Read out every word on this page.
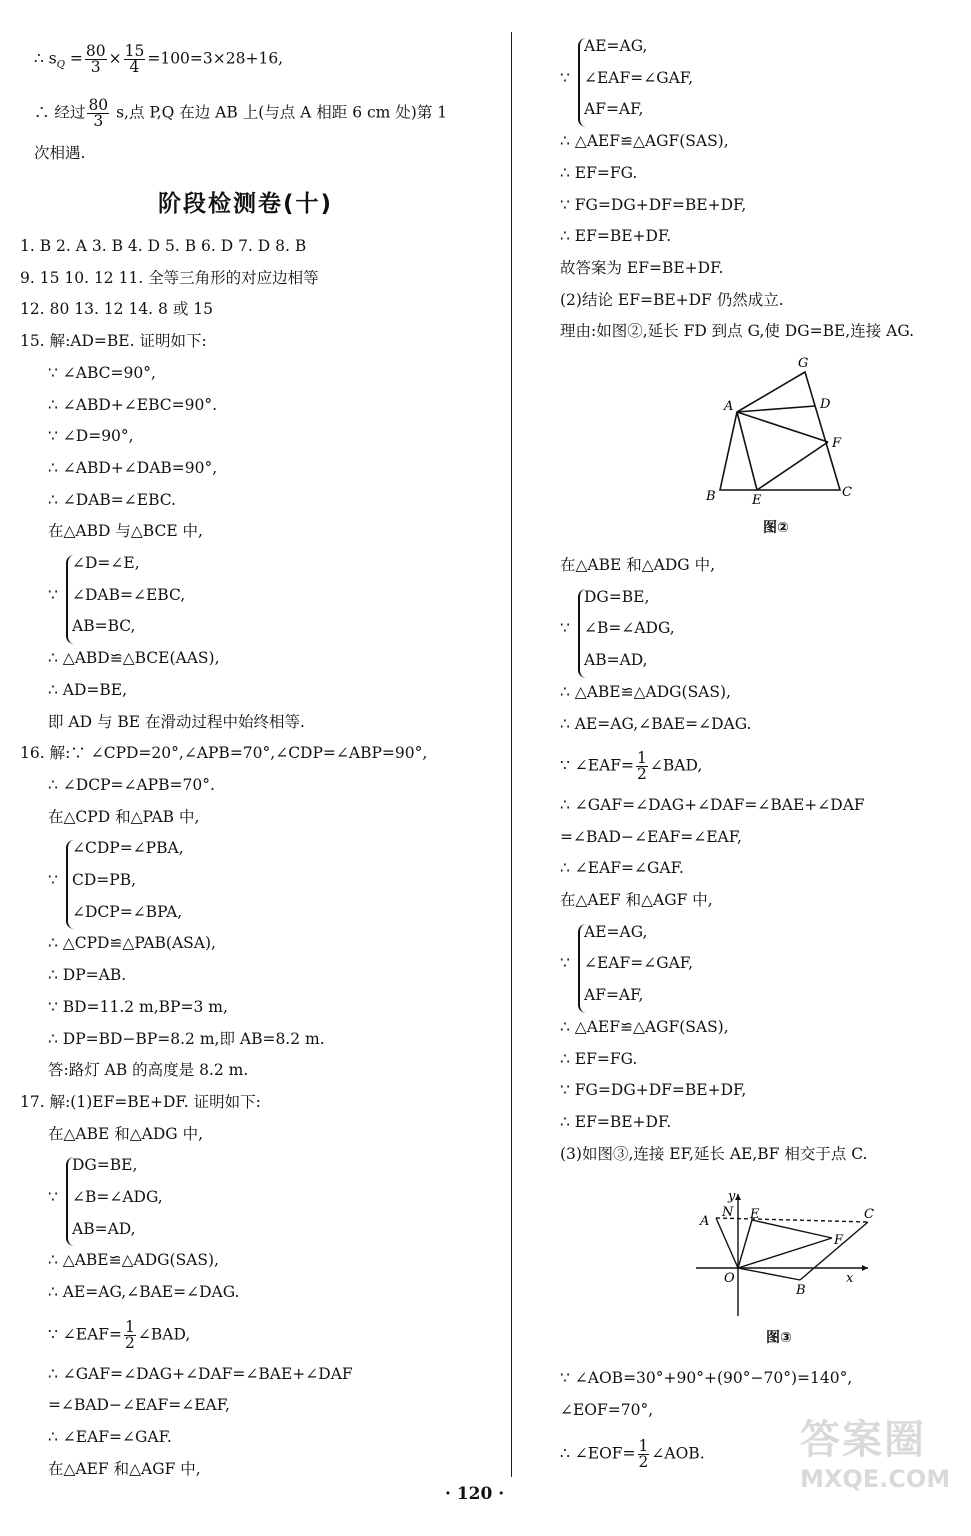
∴ $s_Q = \frac{80}{3} \times \frac{15}{4} =100=3\times 28+16$,
∴ 经过 $\frac{80}{3} s$,点 P,Q 在边 AB 上(与点 A 相距 6 cm 处)第 1
次相遇.
阶段检测卷(十)
1. B 2. A 3. B 4. D 5. B 6. D 7. D 8. B
9. 15 10. 12 11. 全等三角形的对应边相等
12. 80 13. 12 14. 8 或 15
15. 解:AD=BE. 证明如下:
∵ ∠ABC=90°,
∴ ∠ABD+∠EBC=90°.
∵ ∠D=90°,
∴ ∠ABD+∠DAB=90°,
∴ ∠DAB=∠EBC.
在△ABD 与△BCE 中,
∵
∠D=∠E,
∠DAB=∠EBC,
AB=BC,
∴ △ABD≌△BCE(AAS),
∴ AD=BE,
即 AD 与 BE 在滑动过程中始终相等.
16. 解:∵ ∠CPD=20°,∠APB=70°,∠CDP=∠ABP=90°,
∴ ∠DCP=∠APB=70°.
在△CPD 和△PAB 中,
∵
∠CDP=∠PBA,
CD=PB,
∠DCP=∠BPA,
∴ △CPD≌△PAB(ASA),
∴ DP=AB.
∵ BD=11.2 m,BP=3 m,
∴ DP=BD−BP=8.2 m,即 AB=8.2 m.
答:路灯 AB 的高度是 8.2 m.
17. 解:(1)EF=BE+DF. 证明如下:
在△ABE 和△ADG 中,
∵
DG=BE,
∠B=∠ADG,
AB=AD,
∴ △ABE≌△ADG(SAS),
∴ AE=AG,∠BAE=∠DAG.
∵ ∠EAF= $\frac{1}{2}$ ∠BAD,
∴ ∠GAF=∠DAG+∠DAF=∠BAE+∠DAF
=∠BAD−∠EAF=∠EAF,
∴ ∠EAF=∠GAF.
在△AEF 和△AGF 中,
∵
AE=AG,
∠EAF=∠GAF,
AF=AF,
∴ △AEF≌△AGF(SAS),
∴ EF=FG.
∵ FG=DG+DF=BE+DF,
∴ EF=BE+DF.
故答案为 EF=BE+DF.
(2)结论 EF=BE+DF 仍然成立.
理由:如图②,延长 FD 到点 G,使 DG=BE,连接 AG.
在△ABE 和△ADG 中,
∵
DG=BE,
∠B=∠ADG,
AB=AD,
∴ △ABE≌△ADG(SAS),
∴ AE=AG,∠BAE=∠DAG.
∵ ∠EAF= $\frac{1}{2}$ ∠BAD,
∴ ∠GAF=∠DAG+∠DAF=∠BAE+∠DAF
=∠BAD−∠EAF=∠EAF,
∴ ∠EAF=∠GAF.
在△AEF 和△AGF 中,
∵
AE=AG,
∠EAF=∠GAF,
AF=AF,
∴ △AEF≌△AGF(SAS),
∴ EF=FG.
∵ FG=DG+DF=BE+DF,
∴ EF=BE+DF.
(3)如图③,连接 EF,延长 AE,BF 相交于点 C.
∵ ∠AOB=30°+90°+(90°−70°)=140°,
∠EOF=70°,
∴ ∠EOF= $\frac{1}{2}$ ∠AOB.
G
A	D
F
B	E
C
图②
y
N E	C
A
F
O	x
B
图③
· 120 ·
答案圈
MXQE.COM
